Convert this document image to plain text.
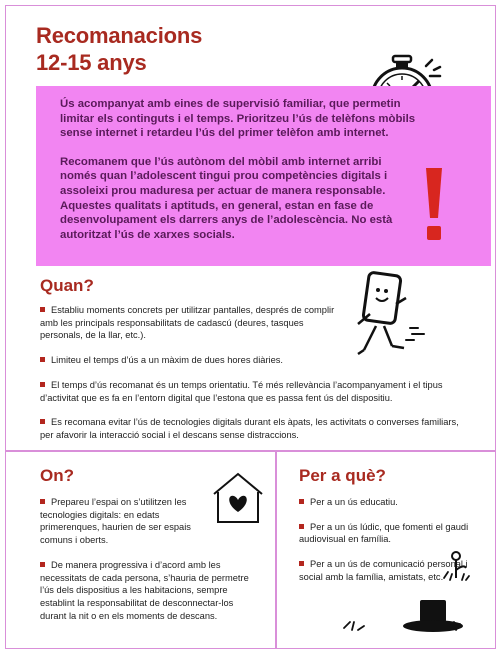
Recomanacions
12-15 anys

Ús acompanyat amb eines de supervisió familiar, que permetin limitar els continguts i el temps. Prioritzeu l’ús de telèfons mòbils sense internet i retardeu l’ús del primer telèfon amb internet.

Recomanem que l’ús autònom del mòbil amb internet arribi només quan l’adolescent tingui prou competències digitals i assoleixi prou maduresa per actuar de manera responsable. Aquestes qualitats i aptituds, en general, estan en fase de desenvolupament els darrers anys de l’adolescència. No està autoritzat l’ús de xarxes socials.

Quan?
Establiu moments concrets per utilitzar pantalles, després de complir amb les principals responsabilitats de cadascú (deures, tasques personals, de la llar, etc.).
Limiteu el temps d’ús a un màxim de dues hores diàries.
El temps d’ús recomanat és un temps orientatiu. Té més rellevància l’acompanyament i el tipus d’activitat que es fa en l’entorn digital que l’estona que es passa fent ús del dispositiu.
Es recomana evitar l’ús de tecnologies digitals durant els àpats, les activitats o converses familiars, per afavorir la interacció social i el descans sense distraccions.
On?
Prepareu l’espai on s’utilitzen les tecnologies digitals: en edats primerenques, haurien de ser espais comuns i oberts.
De manera progressiva i d’acord amb les necessitats de cada persona, s’hauria de permetre l’ús dels dispositius a les habitacions, sempre establint la responsabilitat de desconnectar-los durant la nit o en els moments de descans.
Per a què?
Per a un ús educatiu.
Per a un ús lúdic, que fomenti el gaudi audiovisual en família.
Per a un ús de comunicació personal i social amb la família, amistats, etc.
